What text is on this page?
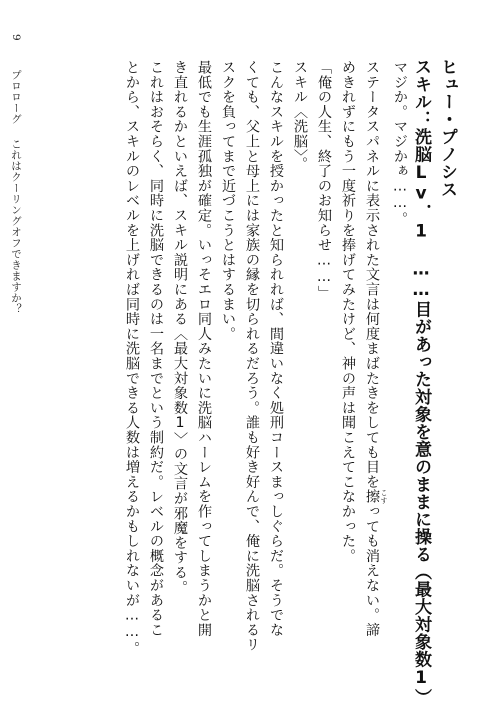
9プロローグこれはクーリングオフできますか？

ヒュー・プノシス

スキル：洗脳Lv．1　……目があった対象を意のままに操る（最大対象数1）

マジか。マジかぁ……。

ステータスパネルに表示された文言は何度まばたきをしても目を擦 こすっても消えない。諦

めきれずにもう一度祈りを捧げてみたけど、神の声は聞こえてこなかった。

「俺の人生、終了のお知らせ……」

スキル〈洗脳〉。

こんなスキルを授かったと知られれば、間違いなく処刑コースまっしぐらだ。そうでな

くても、父上と母上には家族の縁を切られるだろう。誰も好き好んで、俺に洗脳されるリ

スクを負ってまで近づこうとはするまい。

最低でも生涯孤独が確定。いっそエロ同人みたいに洗脳ハーレムを作ってしまうかと開

き直れるかといえば、スキル説明にある〈最大対象数1〉の文言が邪魔をする。

これはおそらく、同時に洗脳できるのは一名までという制約だ。レベルの概念があるこ

とから、スキルのレベルを上げれば同時に洗脳できる人数は増えるかもしれないが……。
